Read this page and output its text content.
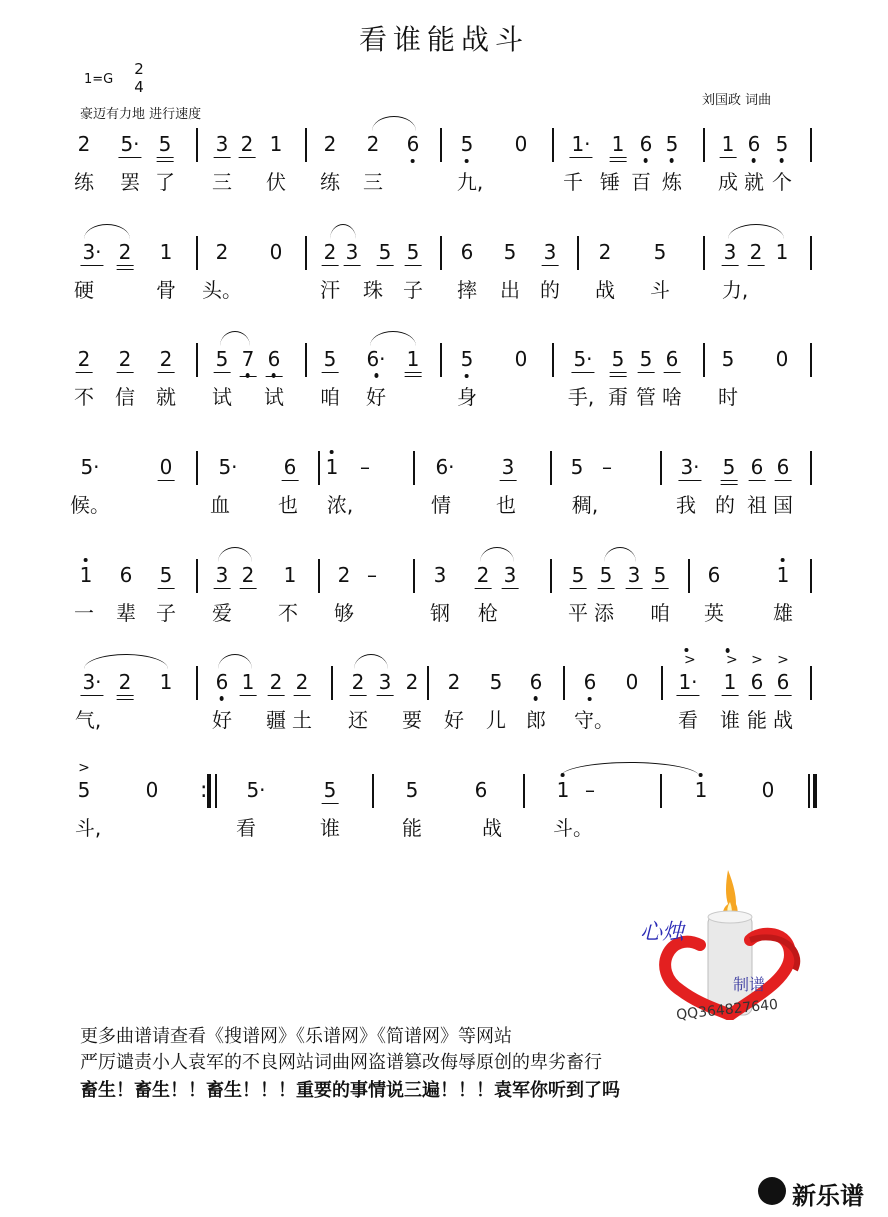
看谁能战斗
1=G
2
4
豪迈有力地 进行速度
刘国政 词曲
2 5· 5 3 2 1 2 2 6 5 0 1· 1 6 5 1 6 5
练 罢 了 三 伏 练 三	九,	千 锤 百 炼 成 就 个
3· 2 1 2 0 2 3 5 5 6 5 3 2 5	3 2 1
硬	骨 头。	汗 珠 子 摔 出 的 战 斗	力,
2 2 2 5 7 6 5 6· 1 5 0 5· 5 5 6 5 0
不 信 就 试 试 咱 好	身	手, 甭 管 啥 时
5·	0 5· 6 1 –	6· 3	5 –	3· 5 6 6
候。	血 也 浓,	情 也	稠,	我 的 祖 国
1 6 5 3 2 1 2 –	3 2 3	5 5 3 5 6	1
一 辈 子 爱 不 够	钢 枪	平 添 咱 英 雄
3· 2 1 6 1 2 2 2 3 2 2 5 6 6 0 > 1· > 1 > 6 > 6
气,	好 疆 土 还 要 好 儿 郎 守。	看 谁 能 战
> 5	0 : 5·	5	5	6	1 –	1	0
斗,	看	谁	能	战	斗。
心烛
制谱
QQ364827640
更多曲谱请查看《搜谱网》《乐谱网》《简谱网》等网站
严厉谴责小人袁军的不良网站词曲网盗谱篡改侮辱原创的卑劣畜行
畜生！畜生！！畜生！！！重要的事情说三遍！！！袁军你听到了吗
新乐谱
